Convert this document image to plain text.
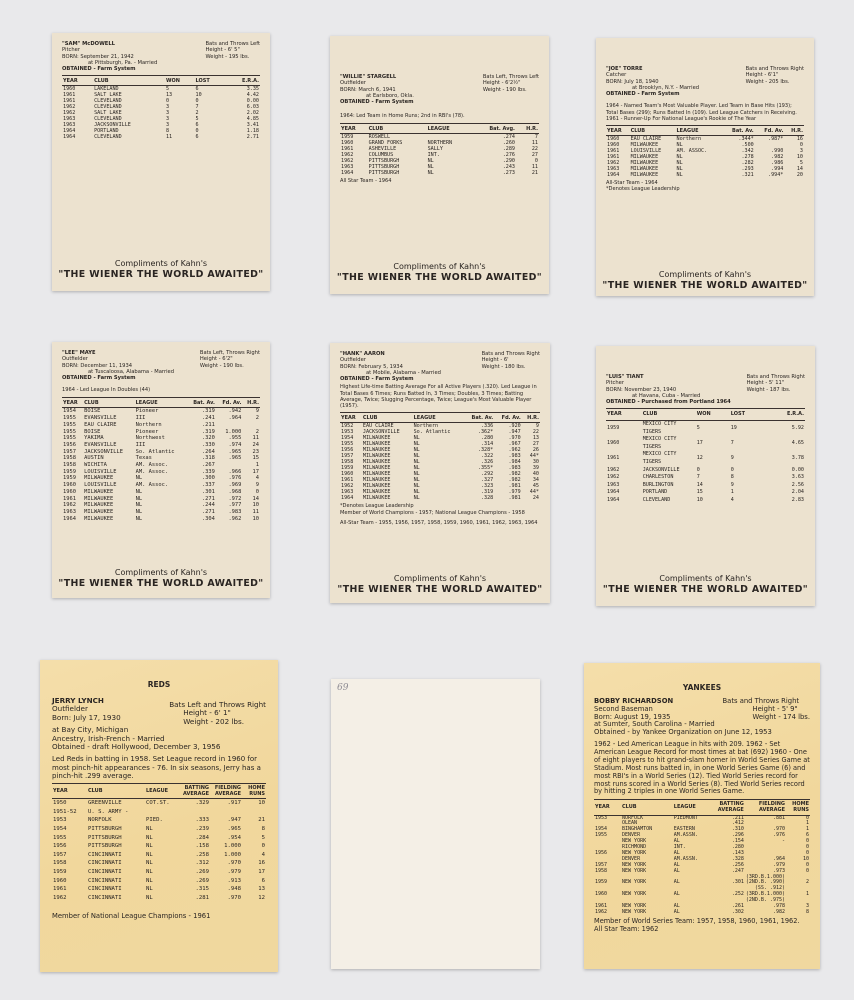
"SAM" McDOWELL
Pitcher
BORN: September 21, 1942
at Pittsburgh, Pa. - Married
OBTAINED - Farm System
Bats and Throws Left
Height - 6' 5"
Weight - 195 lbs.
YEAR	CLUB	WON	LOST	E.R.A.
1960	LAKELAND	5	6	3.35
1961	SALT LAKE	13	10	4.42
1961	CLEVELAND	0	0	0.00
1962	CLEVELAND	3	7	6.03
1962	SALT LAKE	3	2	2.02
1963	CLEVELAND	3	5	4.85
1963	JACKSONVILLE	3	6	3.41
1964	PORTLAND	8	0	1.18
1964	CLEVELAND	11	6	2.71
Compliments of Kahn's
"THE WIENER THE WORLD AWAITED"
"WILLIE" STARGELL
Outfielder
BORN: March 6, 1941
at Earlsboro, Okla.
OBTAINED - Farm System
Bats Left, Throws Left
Height - 6'2½"
Weight - 190 lbs.
1964: Led Team in Home Runs; 2nd in RBI's (78).
YEAR	CLUB	LEAGUE	Bat. Avg.	H.R.
1959	ROSWELL		.274	7
1960	GRAND FORKS	NORTHERN	.260	11
1961	ASHEVILLE	SALLY	.289	22
1962	COLUMBUS	INT.	.276	27
1962	PITTSBURGH	NL	.290	0
1963	PITTSBURGH	NL	.243	11
1964	PITTSBURGH	NL	.273	21
All Star Team - 1964
Compliments of Kahn's
"THE WIENER THE WORLD AWAITED"
"JOE" TORRE
Catcher
BORN: July 18, 1940
at Brooklyn, N.Y. - Married
OBTAINED - Farm System
Bats and Throws Right
Height - 6'1"
Weight - 205 lbs.
1964 - Named Team's Most Valuable Player. Led Team in Base Hits (193); Total Bases (299); Runs Batted In (109). Led League Catchers in Receiving. 1961 - Runner-Up For National League's Rookie of The Year
YEAR	CLUB	LEAGUE	Bat. Av.	Fd. Av.	H.R.
1960	EAU CLAIRE	Northern	.344*	.987*	16
1960	MILWAUKEE	NL	.500		0
1961	LOUISVILLE	AM. ASSOC.	.342	.990	3
1961	MILWAUKEE	NL	.278	.982	10
1962	MILWAUKEE	NL	.282	.986	5
1963	MILWAUKEE	NL	.293	.994	14
1964	MILWAUKEE	NL	.321	.994*	20
All-Star Team - 1964
*Denotes League Leadership
Compliments of Kahn's
"THE WIENER THE WORLD AWAITED"
"LEE" MAYE
Outfielder
BORN: December 11, 1934
at Tuscaloosa, Alabama - Married
OBTAINED - Farm System
Bats Left, Throws Right
Height - 6'2"
Weight - 190 lbs.
1964 - Led League In Doubles (44)
YEAR	CLUB	LEAGUE	Bat. Av.	Fd. Av.	H.R.
1954	BOISE	Pioneer	.319	.942	9
1955	EVANSVILLE	III	.241	.964	2
1955	EAU CLAIRE	Northern	.211		
1955	BOISE	Pioneer	.319	1.000	2
1955	YAKIMA	Northwest	.320	.955	11
1956	EVANSVILLE	III	.330	.974	24
1957	JACKSONVILLE	So. Atlantic	.264	.965	23
1958	AUSTIN	Texas	.318	.965	15
1958	WICHITA	AM. Assoc.	.267		1
1959	LOUISVILLE	AM. Assoc.	.339	.966	17
1959	MILWAUKEE	NL	.300	.976	4
1960	LOUISVILLE	AM. Assoc.	.337	.969	9
1960	MILWAUKEE	NL	.301	.968	0
1961	MILWAUKEE	NL	.271	.972	14
1962	MILWAUKEE	NL	.244	.977	10
1963	MILWAUKEE	NL	.271	.983	11
1964	MILWAUKEE	NL	.304	.962	10
Compliments of Kahn's
"THE WIENER THE WORLD AWAITED"
"HANK" AARON
Outfielder
BORN: February 5, 1934
at Mobile, Alabama - Married
OBTAINED - Farm System
Bats and Throws Right
Height - 6'
Weight - 180 lbs.
Highest Life-time Batting Average For all Active Players (.320). Led League in Total Bases 6 Times; Runs Batted In, 3 Times; Doubles, 3 Times; Batting Average, Twice; Slugging Percentage, Twice; League's Most Valuable Player (1957).
YEAR	CLUB	LEAGUE	Bat. Av.	Fd. Av.	H.R.
1952	EAU CLAIRE	Northern	.336	.920	9
1953	JACKSONVILLE	So. Atlantic	.362*	.947	22
1954	MILWAUKEE	NL	.280	.970	13
1955	MILWAUKEE	NL	.314	.967	27
1956	MILWAUKEE	NL	.328*	.962	26
1957	MILWAUKEE	NL	.322	.983	44*
1958	MILWAUKEE	NL	.326	.984	30
1959	MILWAUKEE	NL	.355*	.983	39
1960	MILWAUKEE	NL	.292	.982	40
1961	MILWAUKEE	NL	.327	.982	34
1962	MILWAUKEE	NL	.323	.981	45
1963	MILWAUKEE	NL	.319	.979	44*
1964	MILWAUKEE	NL	.328	.981	24
*Denotes League Leadership
Member of World Champions - 1957; National League Champions - 1958
All-Star Team - 1955, 1956, 1957, 1958, 1959, 1960, 1961, 1962, 1963, 1964
Compliments of Kahn's
"THE WIENER THE WORLD AWAITED"
"LUIS" TIANT
Pitcher
BORN: November 23, 1940
at Havana, Cuba - Married
OBTAINED - Purchased from Portland 1964
Bats and Throws Right
Height - 5' 11"
Weight - 187 lbs.
YEAR	CLUB	WON	LOST	E.R.A.
1959	MEXICO CITY TIGERS	5	19	5.92
1960	MEXICO CITY TIGERS	17	7	4.65
1961	MEXICO CITY TIGERS	12	9	3.78
1962	JACKSONVILLE	0	0	0.00
1962	CHARLESTON	7	8	3.63
1963	BURLINGTON	14	9	2.56
1964	PORTLAND	15	1	2.04
1964	CLEVELAND	10	4	2.83
Compliments of Kahn's
"THE WIENER THE WORLD AWAITED"
REDS
JERRY LYNCH
Outfielder
Born: July 17, 1930
Bats Left and Throws Right
Height - 6' 1"
Weight - 202 lbs.
at Bay City, Michigan
Ancestry, Irish-French - Married
Obtained - draft Hollywood, December 3, 1956
Led Reds in batting in 1958. Set League record in 1960 for most pinch-hit appearances - 76. In six seasons, Jerry has a pinch-hit .299 average.
YEAR	CLUB	LEAGUE	BATTING AVERAGE	FIELDING AVERAGE	HOME RUNS
1950	GREENVILLE	COT.ST.	.329	.917	10
1951-52	U. S. ARMY -				
1953	NORFOLK	PIED.	.333	.947	21
1954	PITTSBURGH	NL	.239	.965	8
1955	PITTSBURGH	NL	.284	.954	5
1956	PITTSBURGH	NL	.158	1.000	0
1957	CINCINNATI	NL	.258	1.000	4
1958	CINCINNATI	NL	.312	.970	16
1959	CINCINNATI	NL	.269	.979	17
1960	CINCINNATI	NL	.269	.913	6
1961	CINCINNATI	NL	.315	.948	13
1962	CINCINNATI	NL	.281	.970	12
Member of National League Champions - 1961
69	YANKEES
BOBBY RICHARDSON
Second Baseman
Born: August 19, 1935
Bats and Throws Right
Height - 5' 9"
Weight - 174 lbs.
at Sumter, South Carolina - Married
Obtained - by Yankee Organization on June 12, 1953
1962 - Led American League in hits with 209. 1962 - Set American League Record for most times at bat (692) 1960 - One of eight players to hit grand-slam homer in World Series Game at Stadium. Most runs batted in, in one World Series Game (6) and most RBI's in a World Series (12). Tied World Series record for most runs scored in a World Series (8). Tied World Series record by hitting 2 triples in one World Series Game.
YEAR	CLUB	LEAGUE	BATTING AVERAGE	FIELDING AVERAGE	HOME RUNS
1953	NORFOLK	PIEDMONT	.211	.881	0
	OLEAN		.412		1
1954	BINGHAMTON	EASTERN	.310	.970	1
1955	DENVER	AM.ASSN.	.296	.976	6
	NEW YORK	AL	.154	-	0
	RICHMOND	INT.	.280		0
1956	NEW YORK	AL	.143		0
	DENVER	AM.ASSN.	.328	.964	10
1957	NEW YORK	AL	.256	.979	0
1958	NEW YORK	AL	.247	.973	0
				(3RD.B.1.000)	
1959	NEW YORK	AL	.301	(2ND.B. .990)	2
				(SS. .912)	
1960	NEW YORK	AL	.252	(3RD.B.1.000)	1
				(2ND.B. .975)	
1961	NEW YORK	AL	.261	.978	3
1962	NEW YORK	AL	.302	.982	8
Member of World Series Team: 1957, 1958, 1960, 1961, 1962.
All Star Team: 1962
